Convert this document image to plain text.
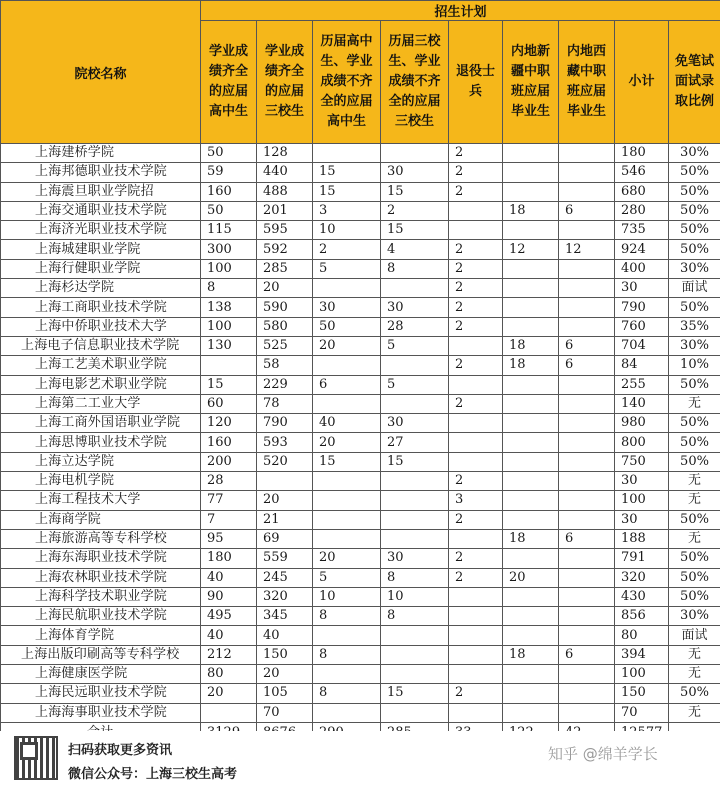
院校名称	招生计划								
	学业成绩齐全的应届高中生	学业成绩齐全的应届三校生	历届高中生、学业成绩不齐全的应届高中生	历届三校生、学业成绩不齐全的应届三校生	退役士兵	内地新疆中职班应届毕业生	内地西藏中职班应届毕业生	小计	免笔试面试录取比例
上海建桥学院	50	128			2			180	30%
上海邦德职业技术学院	59	440	15	30	2			546	50%
上海震旦职业学院招	160	488	15	15	2			680	50%
上海交通职业技术学院	50	201	3	2		18	6	280	50%
上海济光职业技术学院	115	595	10	15				735	50%
上海城建职业学院	300	592	2	4	2	12	12	924	50%
上海行健职业学院	100	285	5	8	2			400	30%
上海杉达学院	8	20			2			30	面试
上海工商职业技术学院	138	590	30	30	2			790	50%
上海中侨职业技术大学	100	580	50	28	2			760	35%
上海电子信息职业技术学院	130	525	20	5		18	6	704	30%
上海工艺美术职业学院		58			2	18	6	84	10%
上海电影艺术职业学院	15	229	6	5				255	50%
上海第二工业大学	60	78			2			140	无
上海工商外国语职业学院	120	790	40	30				980	50%
上海思博职业技术学院	160	593	20	27				800	50%
上海立达学院	200	520	15	15				750	50%
上海电机学院	28				2			30	无
上海工程技术大学	77	20			3			100	无
上海商学院	7	21			2			30	50%
上海旅游高等专科学校	95	69				18	6	188	无
上海东海职业技术学院	180	559	20	30	2			791	50%
上海农林职业技术学院	40	245	5	8	2	20		320	50%
上海科学技术职业学院	90	320	10	10				430	50%
上海民航职业技术学院	495	345	8	8				856	30%
上海体育学院	40	40						80	面试
上海出版印刷高等专科学校	212	150	8			18	6	394	无
上海健康医学院	80	20						100	无
上海民远职业技术学院	20	105	8	15	2			150	50%
上海海事职业技术学院		70						70	无

扫码获取更多资讯
微信公众号：上海三校生高考
知乎 @绵羊学长
